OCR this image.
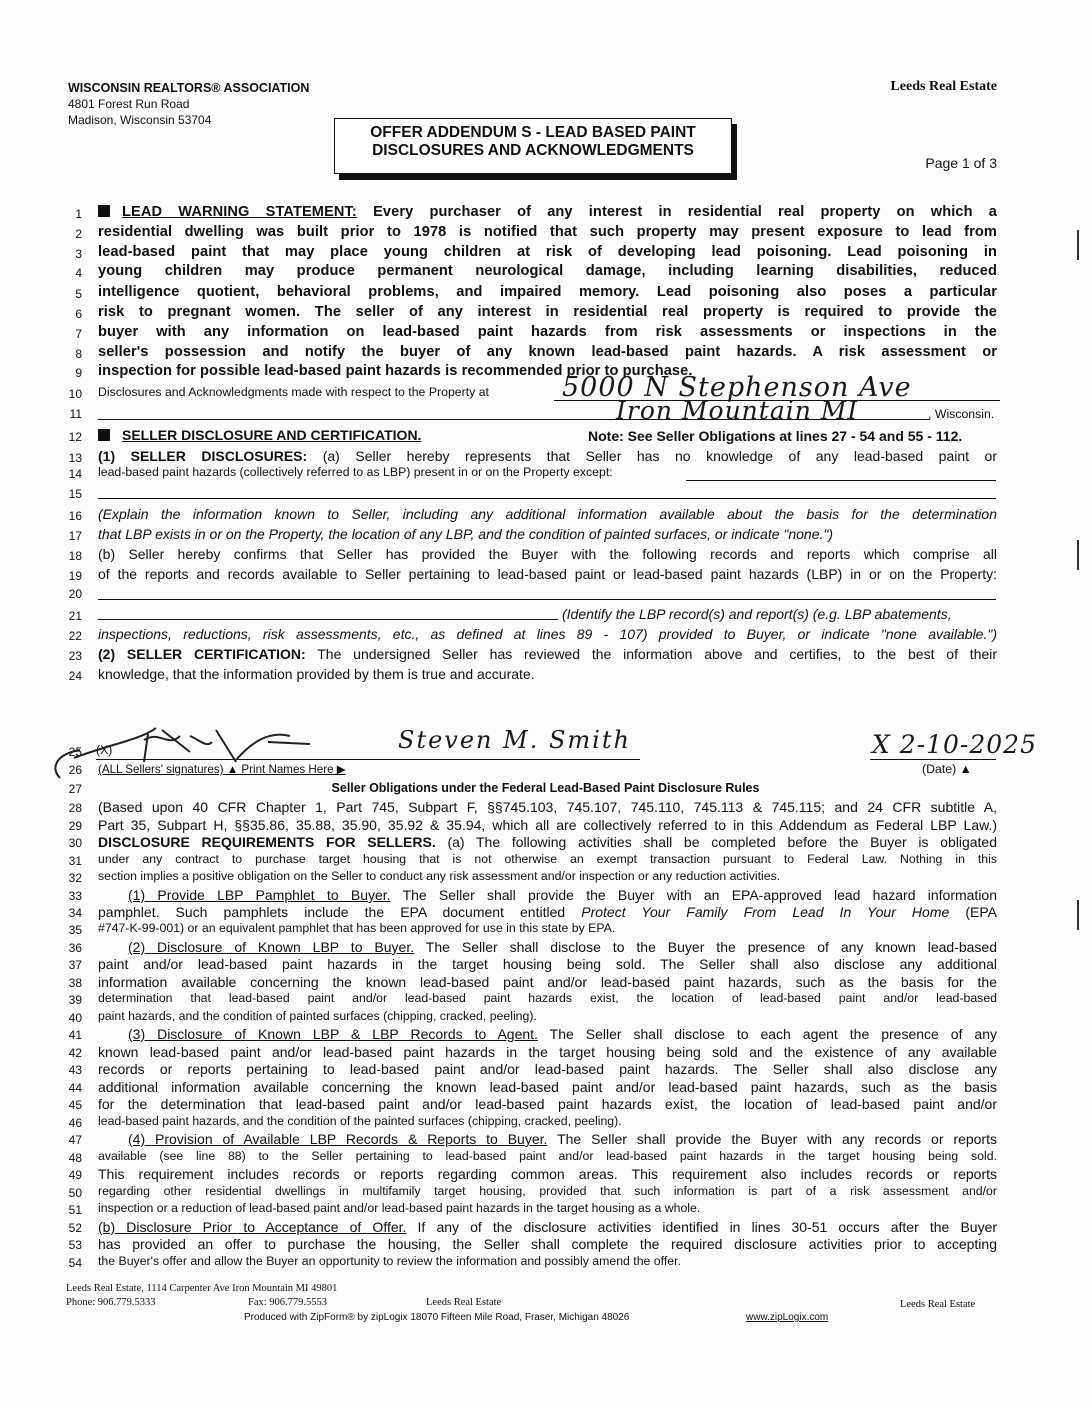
WISCONSIN REALTORS® ASSOCIATION
4801 Forest Run Road
Madison, Wisconsin 53704
Leeds Real Estate
OFFER ADDENDUM S - LEAD BASED PAINT
DISCLOSURES AND ACKNOWLEDGMENTS
Page 1 of 3
1	LEAD WARNING STATEMENT: Every purchaser of any interest in residential real property on which a
2 residential dwelling was built prior to 1978 is notified that such property may present exposure to lead from
3 lead-based paint that may place young children at risk of developing lead poisoning. Lead poisoning in
4 young children may produce permanent neurological damage, including learning disabilities, reduced
5 intelligence quotient, behavioral problems, and impaired memory. Lead poisoning also poses a particular
6 risk to pregnant women. The seller of any interest in residential real property is required to provide the
7 buyer with any information on lead-based paint hazards from risk assessments or inspections in the
8 seller's possession and notify the buyer of any known lead-based paint hazards. A risk assessment or
9 inspection for possible lead-based paint hazards is recommended prior to purchase.
10 Disclosures and Acknowledgments made with respect to the Property at	5000 N Stephenson Ave
11	Iron Mountain MI	, Wisconsin.
12	SELLER DISCLOSURE AND CERTIFICATION.	Note: See Seller Obligations at lines 27 - 54 and 55 - 112.
13 (1) SELLER DISCLOSURES: (a) Seller hereby represents that Seller has no knowledge of any lead-based paint or
14 lead-based paint hazards (collectively referred to as LBP) present in or on the Property except:
15
16 (Explain the information known to Seller, including any additional information available about the basis for the determination
17 that LBP exists in or on the Property, the location of any LBP, and the condition of painted surfaces, or indicate "none.")
18 (b) Seller hereby confirms that Seller has provided the Buyer with the following records and reports which comprise all
19 of the reports and records available to Seller pertaining to lead-based paint or lead-based paint hazards (LBP) in or on the Property:
20
21	(Identify the LBP record(s) and report(s) (e.g. LBP abatements,
22 inspections, reductions, risk assessments, etc., as defined at lines 89 - 107) provided to Buyer, or indicate "none available.")
23 (2) SELLER CERTIFICATION: The undersigned Seller has reviewed the information above and certifies, to the best of their
24 knowledge, that the information provided by them is true and accurate.
25 (X)	Steven M. Smith	X 2-10-2025
26 (ALL Sellers' signatures) ▲ Print Names Here ▶	(Date) ▲
27	Seller Obligations under the Federal Lead-Based Paint Disclosure Rules
28 (Based upon 40 CFR Chapter 1, Part 745, Subpart F, §§745.103, 745.107, 745.110, 745.113 & 745.115; and 24 CFR subtitle A,
29 Part 35, Subpart H, §§35.86, 35.88, 35.90, 35.92 & 35.94, which all are collectively referred to in this Addendum as Federal LBP Law.)
30 DISCLOSURE REQUIREMENTS FOR SELLERS. (a) The following activities shall be completed before the Buyer is obligated
31 under any contract to purchase target housing that is not otherwise an exempt transaction pursuant to Federal Law. Nothing in this
32 section implies a positive obligation on the Seller to conduct any risk assessment and/or inspection or any reduction activities.
33	(1) Provide LBP Pamphlet to Buyer. The Seller shall provide the Buyer with an EPA-approved lead hazard information
34 pamphlet. Such pamphlets include the EPA document entitled Protect Your Family From Lead In Your Home (EPA
35 #747-K-99-001) or an equivalent pamphlet that has been approved for use in this state by EPA.
36	(2) Disclosure of Known LBP to Buyer. The Seller shall disclose to the Buyer the presence of any known lead-based
37 paint and/or lead-based paint hazards in the target housing being sold. The Seller shall also disclose any additional
38 information available concerning the known lead-based paint and/or lead-based paint hazards, such as the basis for the
39 determination that lead-based paint and/or lead-based paint hazards exist, the location of lead-based paint and/or lead-based
40 paint hazards, and the condition of painted surfaces (chipping, cracked, peeling).
41	(3) Disclosure of Known LBP & LBP Records to Agent. The Seller shall disclose to each agent the presence of any
42 known lead-based paint and/or lead-based paint hazards in the target housing being sold and the existence of any available
43 records or reports pertaining to lead-based paint and/or lead-based paint hazards. The Seller shall also disclose any
44 additional information available concerning the known lead-based paint and/or lead-based paint hazards, such as the basis
45 for the determination that lead-based paint and/or lead-based paint hazards exist, the location of lead-based paint and/or
46 lead-based paint hazards, and the condition of the painted surfaces (chipping, cracked, peeling).
47	(4) Provision of Available LBP Records & Reports to Buyer. The Seller shall provide the Buyer with any records or reports
48 available (see line 88) to the Seller pertaining to lead-based paint and/or lead-based paint hazards in the target housing being sold.
49 This requirement includes records or reports regarding common areas. This requirement also includes records or reports
50 regarding other residential dwellings in multifamily target housing, provided that such information is part of a risk assessment and/or
51 inspection or a reduction of lead-based paint and/or lead-based paint hazards in the target housing as a whole.
52 (b) Disclosure Prior to Acceptance of Offer. If any of the disclosure activities identified in lines 30-51 occurs after the Buyer
53 has provided an offer to purchase the housing, the Seller shall complete the required disclosure activities prior to accepting
54 the Buyer's offer and allow the Buyer an opportunity to review the information and possibly amend the offer.
Leeds Real Estate, 1114 Carpenter Ave Iron Mountain MI 49801
Phone: 906.779.5333	Fax: 906.779.5553	Leeds Real Estate	Leeds Real Estate
Produced with ZipForm® by zipLogix 18070 Fifteen Mile Road, Fraser, Michigan 48026	www.zipLogix.com
